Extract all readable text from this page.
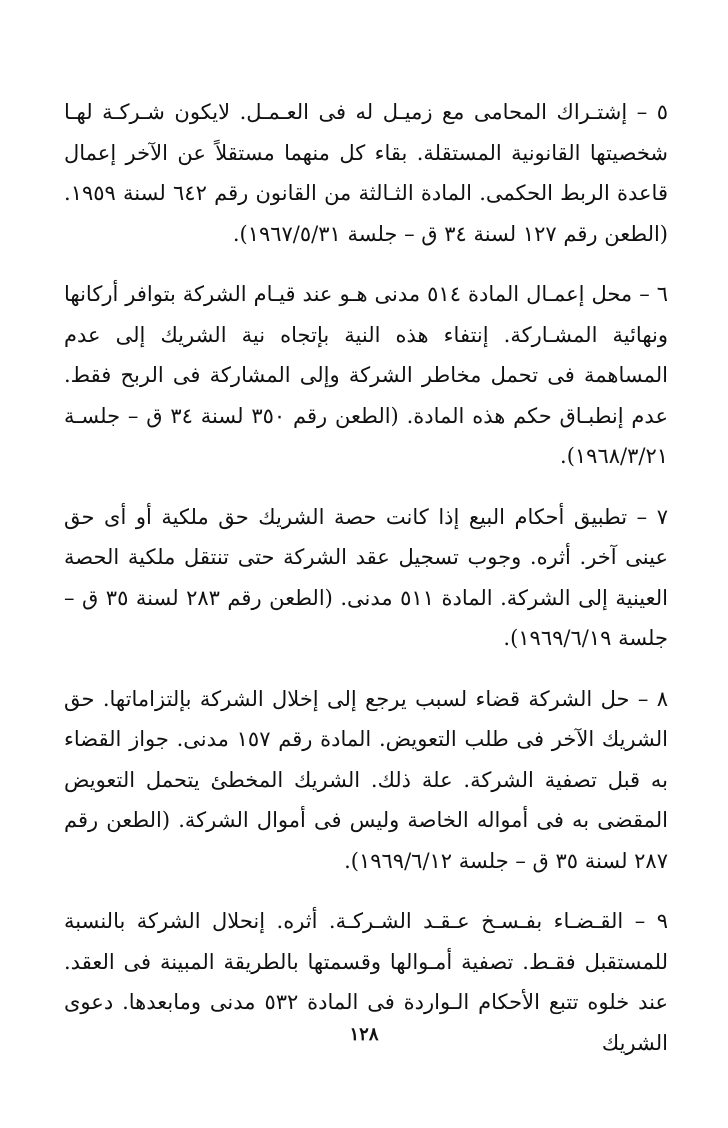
٥ – إشتـراك المحامى مع زميـل له فى العـمـل. لايكون شـركـة لهـا شخصيتها القانونية المستقلة. بقاء كل منهما مستقلاً عن الآخر إعمال قاعدة الربط الحكمى. المادة الثـالثة من القانون رقم ٦٤٢ لسنة ١٩٥٩. (الطعن رقم ١٢٧ لسنة ٣٤ ق – جلسة ١٩٦٧/٥/٣١).

٦ – محل إعمـال المادة ٥١٤ مدنى هـو عند قيـام الشركة بتوافر أركانها ونهائية المشـاركة. إنتفاء هذه النية بإتجاه نية الشريك إلى عدم المساهمة فى تحمل مخاطر الشركة وإلى المشاركة فى الربح فقط. عدم إنطبـاق حكم هذه المادة. (الطعن رقم ٣٥٠ لسنة ٣٤ ق – جلسـة ١٩٦٨/٣/٢١).

٧ – تطبيق أحكام البيع إذا كانت حصة الشريك حق ملكية أو أى حق عينى آخر. أثره. وجوب تسجيل عقد الشركة حتى تنتقل ملكية الحصة العينية إلى الشركة. المادة ٥١١ مدنى. (الطعن رقم ٢٨٣ لسنة ٣٥ ق – جلسة ١٩٦٩/٦/١٩).

٨ – حل الشركة قضاء لسبب يرجع إلى إخلال الشركة بإلتزاماتها. حق الشريك الآخر فى طلب التعويض. المادة رقم ١٥٧ مدنى. جواز القضاء به قبل تصفية الشركة. علة ذلك. الشريك المخطئ يتحمل التعويض المقضى به فى أمواله الخاصة وليس فى أموال الشركة. (الطعن رقم ٢٨٧ لسنة ٣٥ ق – جلسة ١٩٦٩/٦/١٢).

٩ – القـضـاء بفـسـخ عـقـد الشـركـة. أثره. إنحلال الشركة بالنسبة للمستقبل فقـط. تصفية أمـوالها وقسمتها بالطريقة المبينة فى العقد. عند خلوه تتبع الأحكام الـواردة فى المادة ٥٣٢ مدنى ومابعدها. دعوى الشريك

١٢٨
